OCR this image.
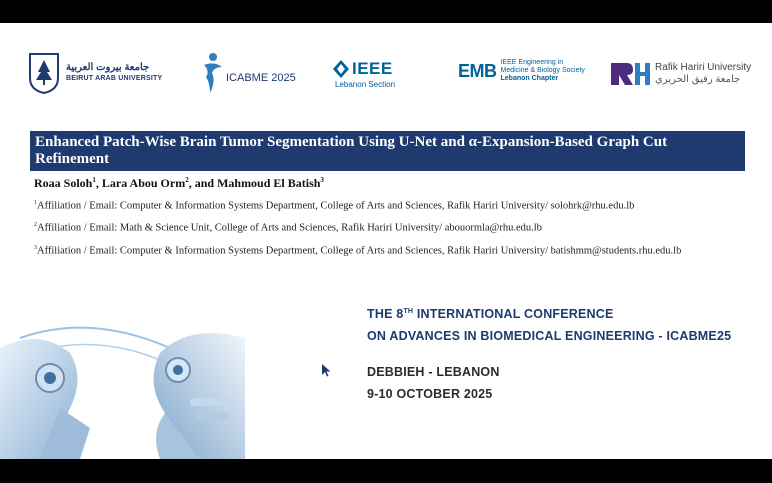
جامعة بيروت العربية
BEIRUT ARAB UNIVERSITY	ICABME 2025	IEEE
Lebanon Section
EMB IEEE Engineering in
Medicine & Biology Society
Lebanon Chapter
Rafik Hariri University
جامعة رفيق الحريري
Enhanced Patch-Wise Brain Tumor Segmentation Using U-Net and α-Expansion-Based Graph Cut Refinement
Roaa Soloh$^1$, Lara Abou Orm$^2$, and Mahmoud El Batish$^3$
$^1$Affiliation / Email: Computer & Information Systems Department, College of Arts and Sciences, Rafik Hariri University/ solohrk@rhu.edu.lb
$^2$Affiliation / Email: Math & Science Unit, College of Arts and Sciences, Rafik Hariri University/ abouormla@rhu.edu.lb
$^3$Affiliation / Email: Computer & Information Systems Department, College of Arts and Sciences, Rafik Hariri University/ batishmm@students.rhu.edu.lb
THE 8TH INTERNATIONAL CONFERENCE
ON ADVANCES IN BIOMEDICAL ENGINEERING - ICABME25
DEBBIEH - LEBANON
9-10 OCTOBER 2025
